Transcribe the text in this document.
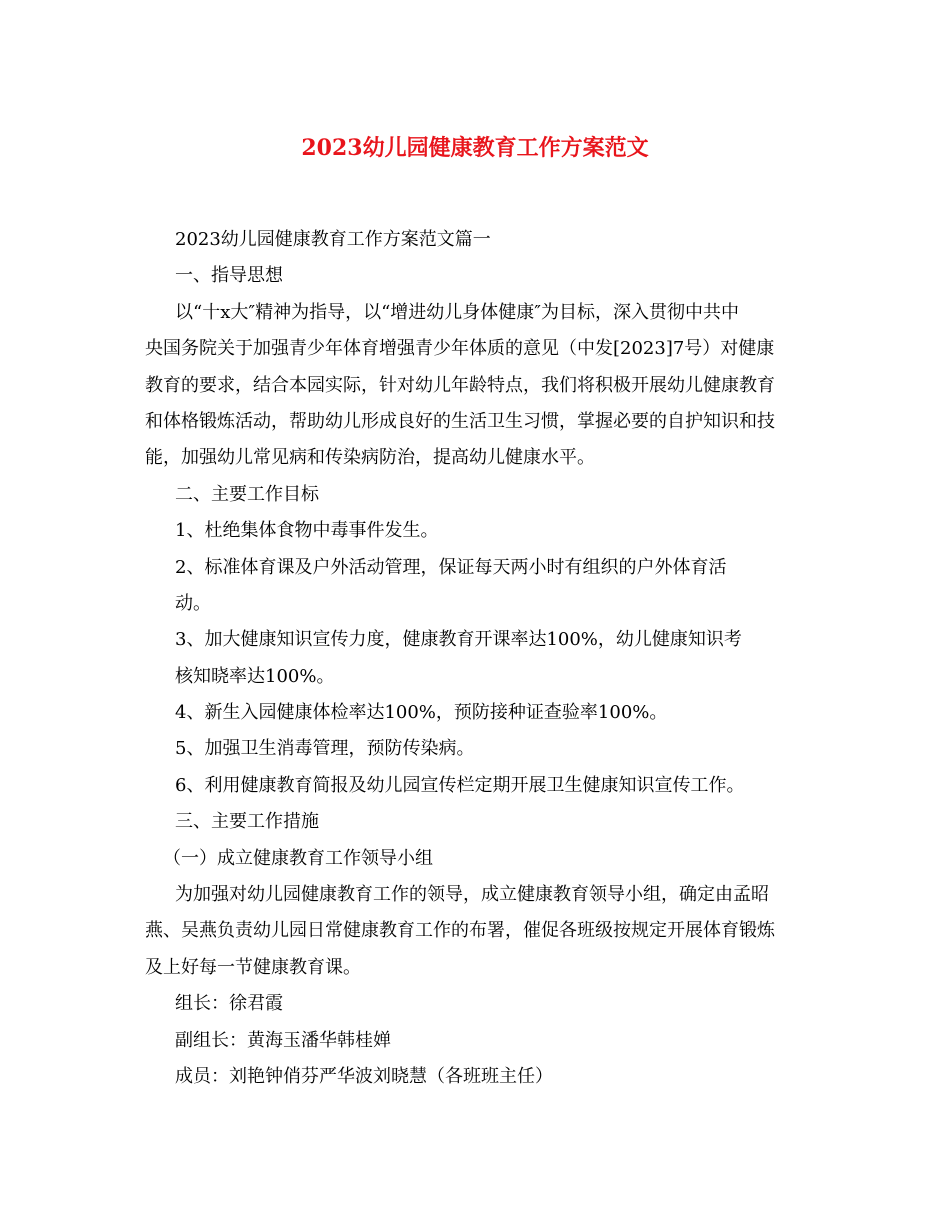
2023幼儿园健康教育工作方案范文
2023幼儿园健康教育工作方案范文篇一
一、指导思想
以“十x大″精神为指导，以“增进幼儿身体健康″为目标，深入贯彻中共中
央国务院关于加强青少年体育增强青少年体质的意见（中发[2023]7号）对健康
教育的要求，结合本园实际，针对幼儿年龄特点，我们将积极开展幼儿健康教育
和体格锻炼活动，帮助幼儿形成良好的生活卫生习惯，掌握必要的自护知识和技
能，加强幼儿常见病和传染病防治，提高幼儿健康水平。
二、主要工作目标
1、杜绝集体食物中毒事件发生。
2、标准体育课及户外活动管理，保证每天两小时有组织的户外体育活
动。
3、加大健康知识宣传力度，健康教育开课率达100%，幼儿健康知识考
核知晓率达100%。
4、新生入园健康体检率达100%，预防接种证查验率100%。
5、加强卫生消毒管理，预防传染病。
6、利用健康教育简报及幼儿园宣传栏定期开展卫生健康知识宣传工作。
三、主要工作措施
（一）成立健康教育工作领导小组
为加强对幼儿园健康教育工作的领导，成立健康教育领导小组，确定由孟昭
燕、吴燕负责幼儿园日常健康教育工作的布署，催促各班级按规定开展体育锻炼
及上好每一节健康教育课。
组长：徐君霞
副组长：黄海玉潘华韩桂婵
成员：刘艳钟俏芬严华波刘晓慧（各班班主任）
